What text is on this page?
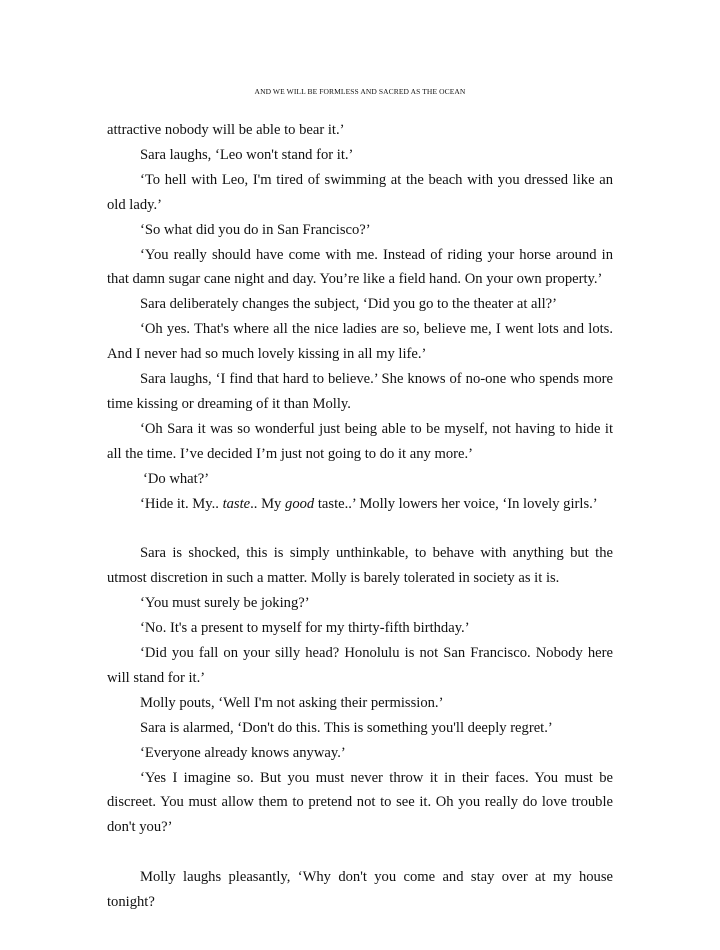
AND WE WILL BE FORMLESS AND SACRED AS THE OCEAN

attractive nobody will be able to bear it.’

Sara laughs, ‘Leo won't stand for it.’

‘To hell with Leo, I'm tired of swimming at the beach with you dressed like an old lady.’

‘So what did you do in San Francisco?’

‘You really should have come with me. Instead of riding your horse around in that damn sugar cane night and day. You’re like a field hand. On your own property.’

Sara deliberately changes the subject, ‘Did you go to the theater at all?’

‘Oh yes. That's where all the nice ladies are so, believe me, I went lots and lots. And I never had so much lovely kissing in all my life.’

Sara laughs, ‘I find that hard to believe.’ She knows of no-one who spends more time kissing or dreaming of it than Molly.

‘Oh Sara it was so wonderful just being able to be myself, not having to hide it all the time. I’ve decided I’m just not going to do it any more.’

‘Do what?’

‘Hide it. My.. taste.. My good taste..’ Molly lowers her voice, ‘In lovely girls.’

Sara is shocked, this is simply unthinkable, to behave with anything but the utmost discretion in such a matter. Molly is barely tolerated in society as it is.

‘You must surely be joking?’

‘No. It's a present to myself for my thirty-fifth birthday.’

‘Did you fall on your silly head? Honolulu is not San Francisco. Nobody here will stand for it.’

Molly pouts, ‘Well I'm not asking their permission.’

Sara is alarmed, ‘Don't do this. This is something you'll deeply regret.’

‘Everyone already knows anyway.’

‘Yes I imagine so. But you must never throw it in their faces. You must be discreet. You must allow them to pretend not to see it. Oh you really do love trouble don't you?’

Molly laughs pleasantly, ‘Why don't you come and stay over at my house tonight?
